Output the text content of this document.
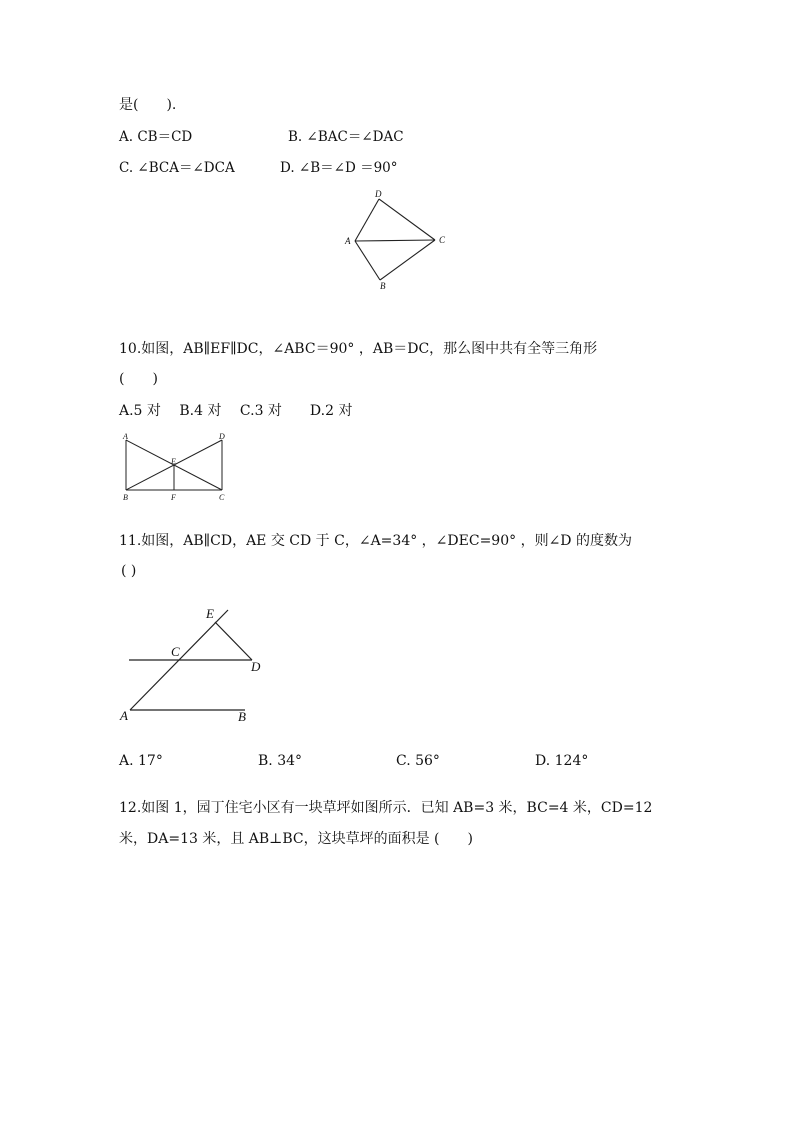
是(　　).
A. CB＝CD	B. ∠BAC＝∠DAC
C. ∠BCA＝∠DCA	D. ∠B＝∠D ＝90°
D
A	C
B
10.如图，AB∥EF∥DC，∠ABC＝90° ，AB＝DC，那么图中共有全等三角形
(　　)
A.5 对　 B.4 对　 C.3 对　　D.2 对
A	D
E
B	F	C
11.如图，AB∥CD，AE 交 CD 于 C，∠A=34° ，∠DEC=90° ，则∠D 的度数为
( )
E
C
D
A	B
A. 17°	B. 34°	C. 56°	D. 124°
12.如图 1，园丁住宅小区有一块草坪如图所示．已知 AB=3 米，BC=4 米，CD=12
米，DA=13 米，且 AB⊥BC，这块草坪的面积是 (　　)
